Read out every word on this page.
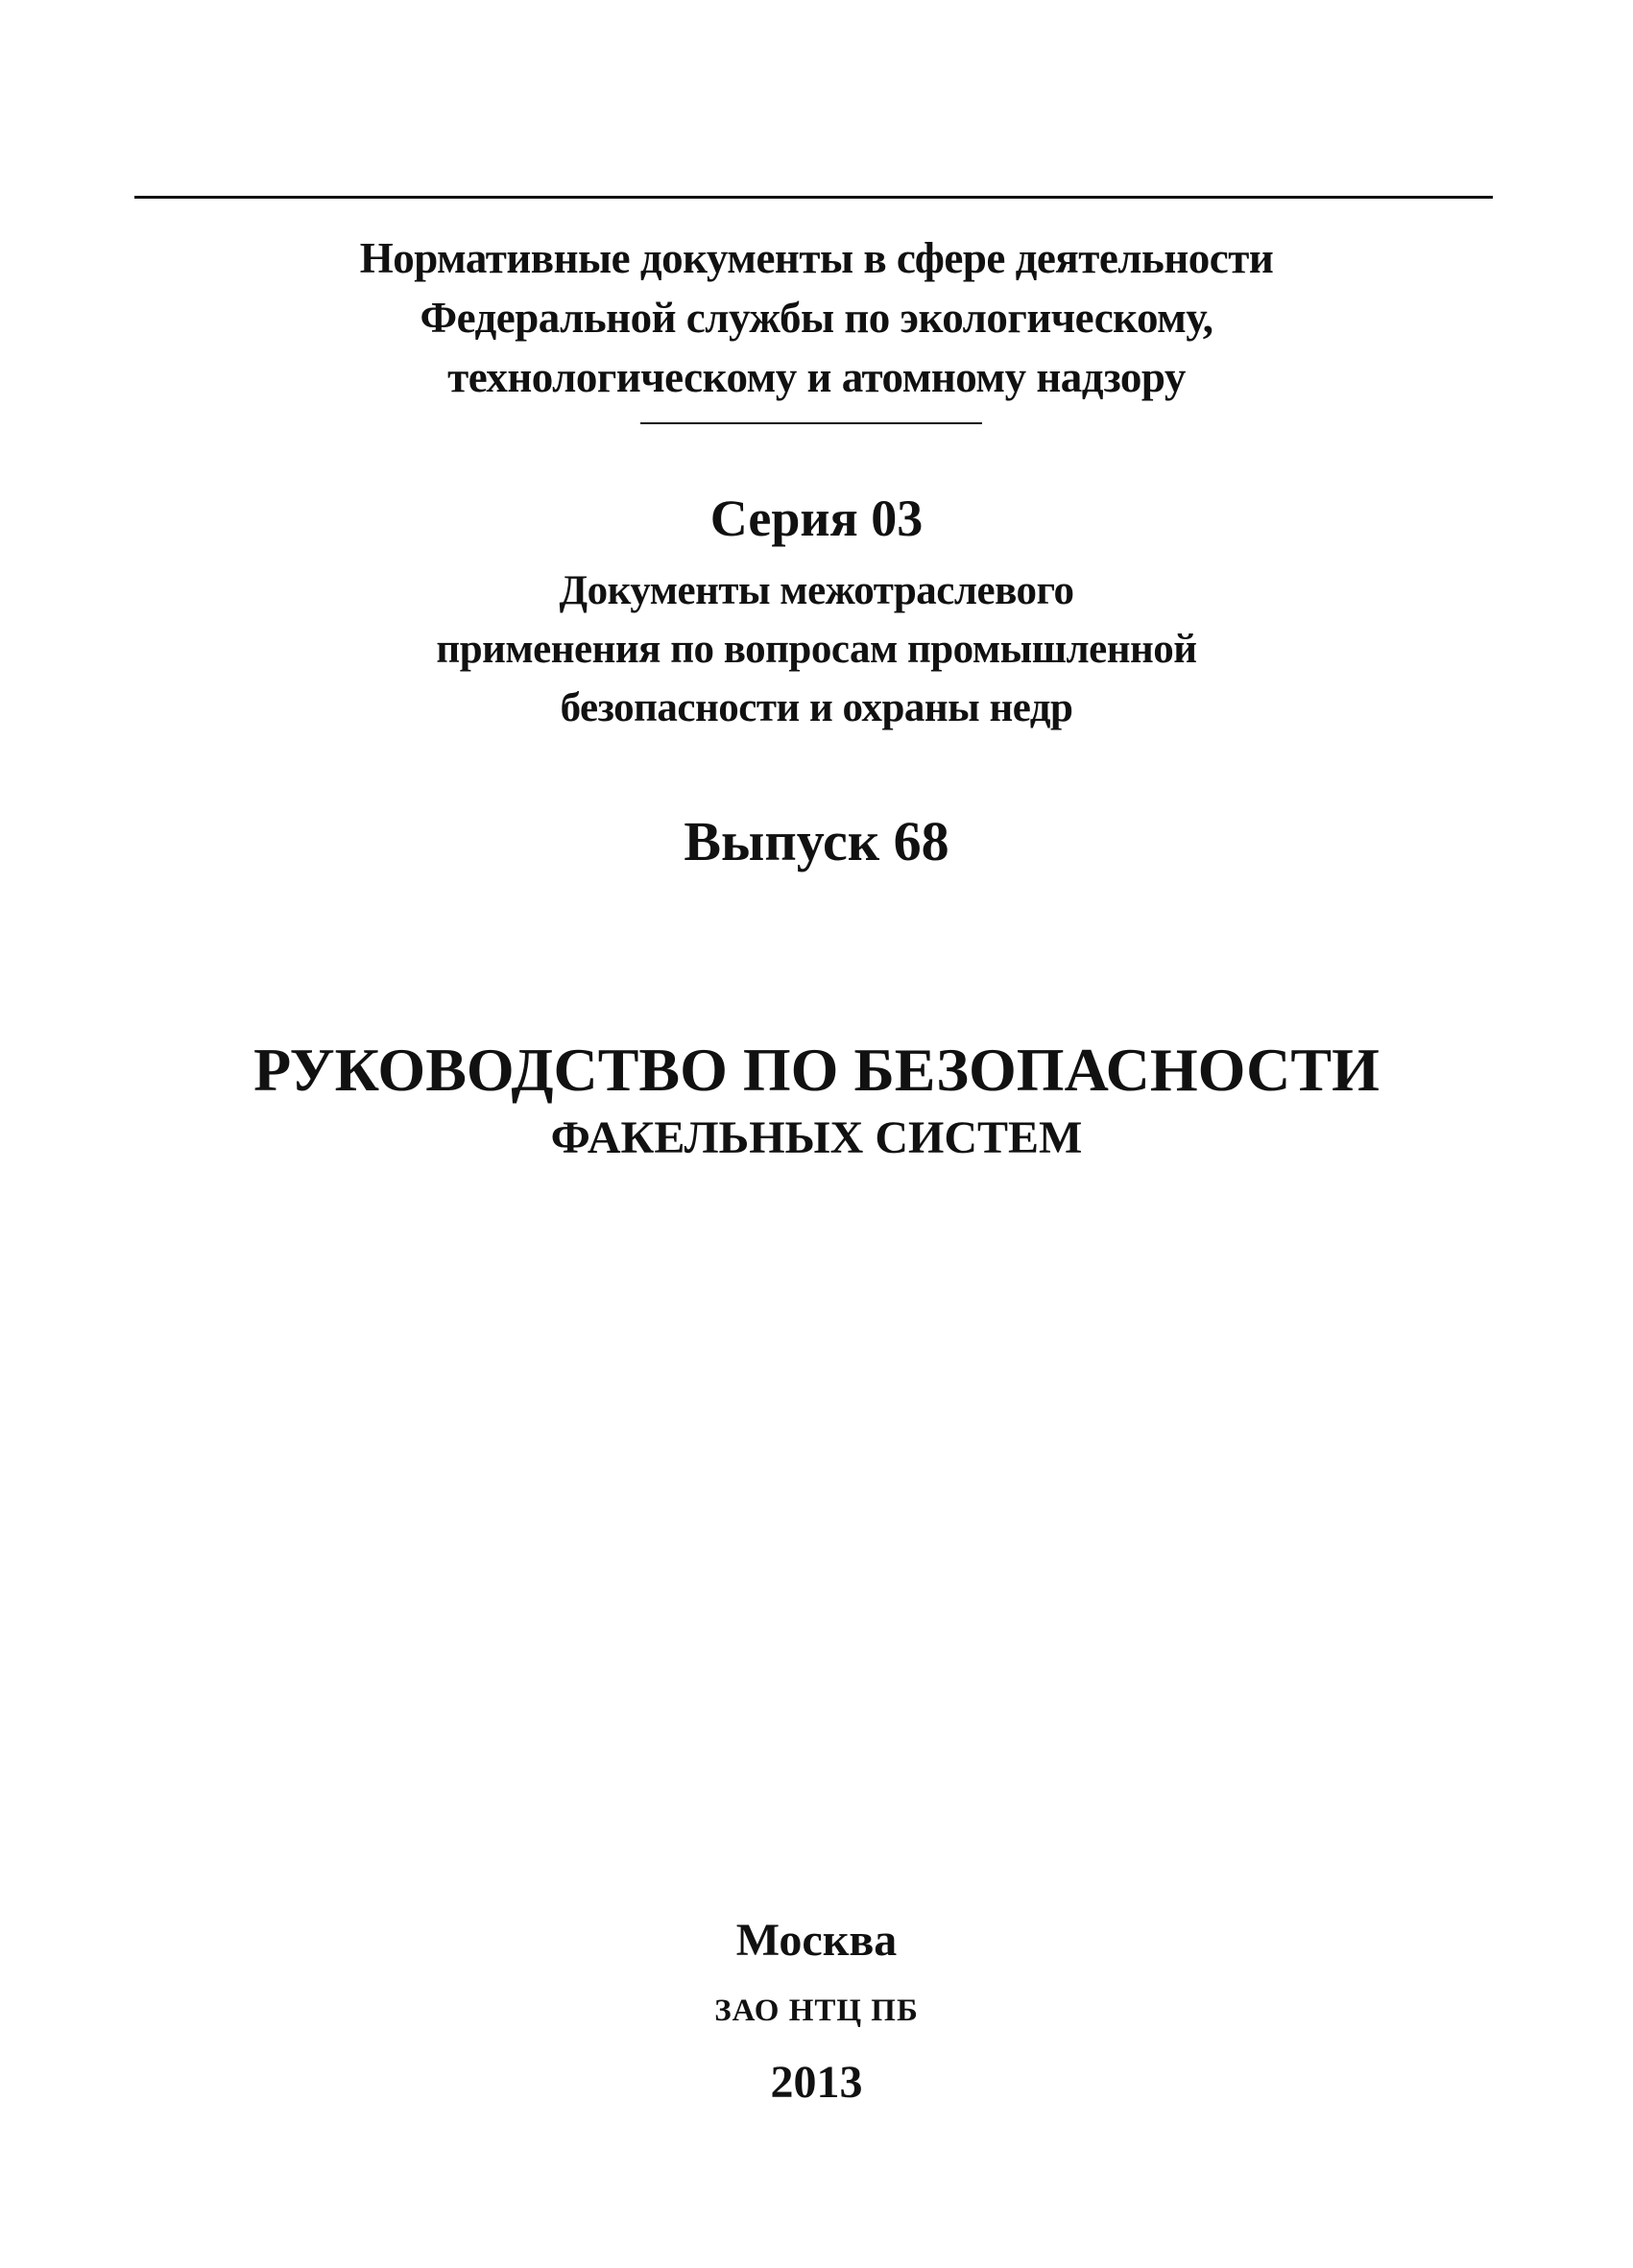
Нормативные документы в сфере деятельности
Федеральной службы по экологическому,
технологическому и атомному надзору
Серия 03
Документы межотраслевого
применения по вопросам промышленной
безопасности и охраны недр
Выпуск 68
РУКОВОДСТВО ПО БЕЗОПАСНОСТИ
ФАКЕЛЬНЫХ СИСТЕМ
Москва
ЗАО НТЦ ПБ
2013
